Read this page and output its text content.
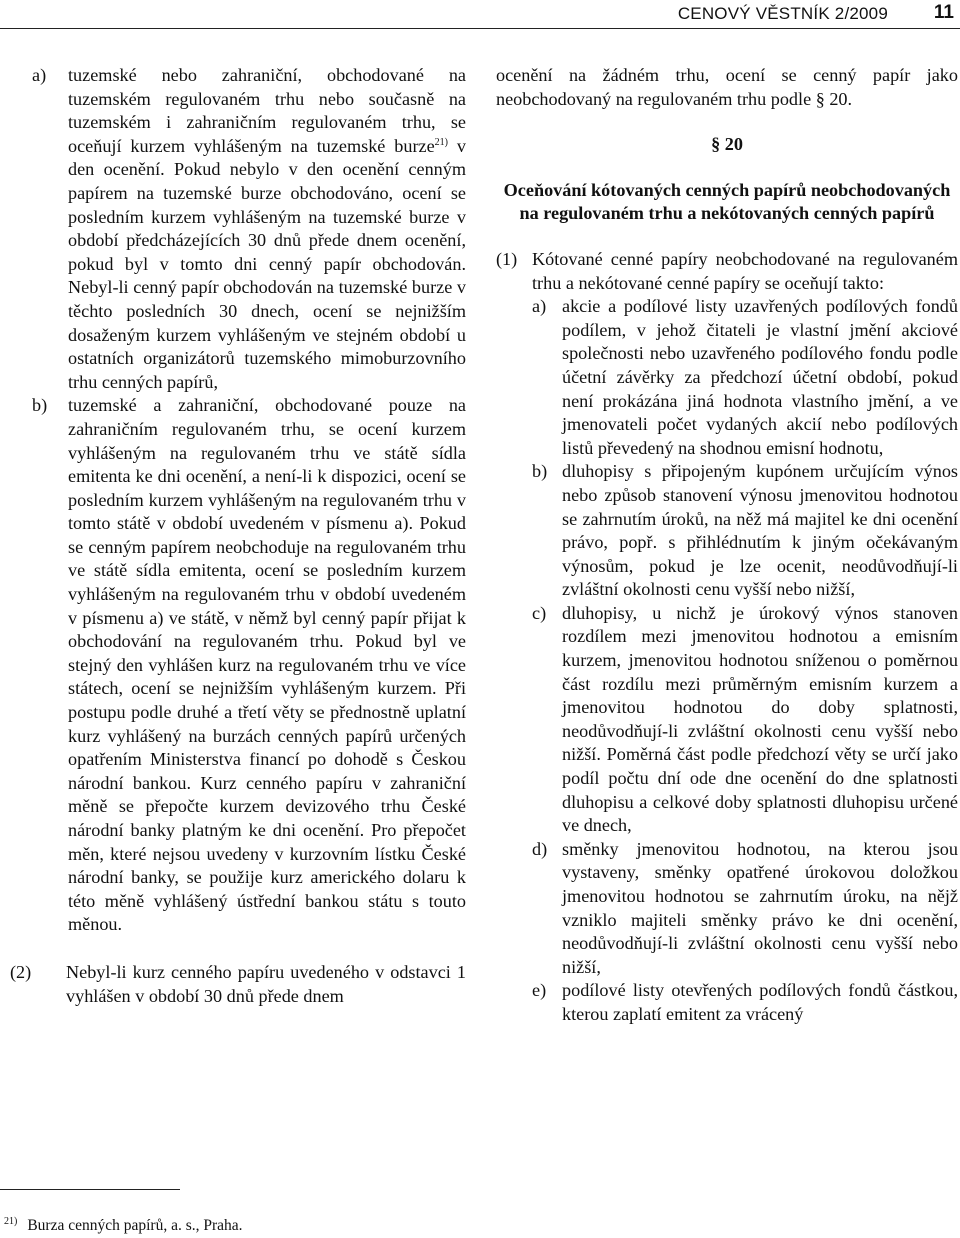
CENOVÝ VĚSTNÍK 2/2009 11
a)	tuzemské nebo zahraniční, obchodované na tuzemském regulovaném trhu nebo současně na tuzemském i zahraničním regulovaném trhu, se oceňují kurzem vyhlášeným na tuzemské burze$^{21)}$ v den ocenění. Pokud nebylo v den ocenění cenným papírem na tuzemské burze obchodováno, ocení se posledním kurzem vyhlášeným na tuzemské burze v období předcházejících 30 dnů přede dnem ocenění, pokud byl v tomto dni cenný papír obchodován. Nebyl-li cenný papír obchodován na tuzemské burze v těchto posledních 30 dnech, ocení se nejnižším dosaženým kurzem vyhlášeným ve stejném období u ostatních organizátorů tuzemského mimoburzovního trhu cenných papírů,
b)	tuzemské a zahraniční, obchodované pouze na zahraničním regulovaném trhu, se ocení kurzem vyhlášeným na regulovaném trhu ve státě sídla emitenta ke dni ocenění, a není-li k dispozici, ocení se posledním kurzem vyhlášeným na regulovaném trhu v tomto státě v období uvedeném v písmenu a). Pokud se cenným papírem neobchoduje na regulovaném trhu ve státě sídla emitenta, ocení se posledním kurzem vyhlášeným na regulovaném trhu v období uvedeném v písmenu a) ve státě, v němž byl cenný papír přijat k obchodování na regulovaném trhu. Pokud byl ve stejný den vyhlášen kurz na regulovaném trhu ve více státech, ocení se nejnižším vyhlášeným kurzem. Při postupu podle druhé a třetí věty se přednostně uplatní kurz vyhlášený na burzách cenných papírů určených opatřením Ministerstva financí po dohodě s Českou národní bankou. Kurz cenného papíru v zahraniční měně se přepočte kurzem devizového trhu České národní banky platným ke dni ocenění. Pro přepočet měn, které nejsou uvedeny v kurzovním lístku České národní banky, se použije kurz amerického dolaru k této měně vyhlášený ústřední bankou státu s touto měnou.
(2)	Nebyl-li kurz cenného papíru uvedeného v odstavci 1 vyhlášen v období 30 dnů přede dnem
ocenění na žádném trhu, ocení se cenný papír jako neobchodovaný na regulovaném trhu podle § 20.
§ 20
Oceňování kótovaných cenných papírů neobchodovaných na regulovaném trhu a nekótovaných cenných papírů
(1) Kótované cenné papíry neobchodované na regulovaném trhu a nekótované cenné papíry se oceňují takto:
a) akcie a podílové listy uzavřených podílových fondů podílem, v jehož čitateli je vlastní jmění akciové společnosti nebo uzavřeného podílového fondu podle účetní závěrky za předchozí účetní období, pokud není prokázána jiná hodnota vlastního jmění, a ve jmenovateli počet vydaných akcií nebo podílových listů převedený na shodnou emisní hodnotu,
b) dluhopisy s připojeným kupónem určujícím výnos nebo způsob stanovení výnosu jmenovitou hodnotou se zahrnutím úroků, na něž má majitel ke dni ocenění právo, popř. s přihlédnutím k jiným očekávaným výnosům, pokud je lze ocenit, neodůvodňují-li zvláštní okolnosti cenu vyšší nebo nižší,
c) dluhopisy, u nichž je úrokový výnos stanoven rozdílem mezi jmenovitou hodnotou a emisním kurzem, jmenovitou hodnotou sníženou o poměrnou část rozdílu mezi průměrným emisním kurzem a jmenovitou hodnotou do doby splatnosti, neodůvodňují-li zvláštní okolnosti cenu vyšší nebo nižší. Poměrná část podle předchozí věty se určí jako podíl počtu dní ode dne ocenění do dne splatnosti dluhopisu a celkové doby splatnosti dluhopisu určené ve dnech,
d) směnky jmenovitou hodnotou, na kterou jsou vystaveny, směnky opatřené úrokovou doložkou jmenovitou hodnotou se zahrnutím úroku, na nějž vzniklo majiteli směnky právo ke dni ocenění, neodůvodňují-li zvláštní okolnosti cenu vyšší nebo nižší,
e) podílové listy otevřených podílových fondů částkou, kterou zaplatí emitent za vrácený
$^{21)}$ Burza cenných papírů, a. s., Praha.
